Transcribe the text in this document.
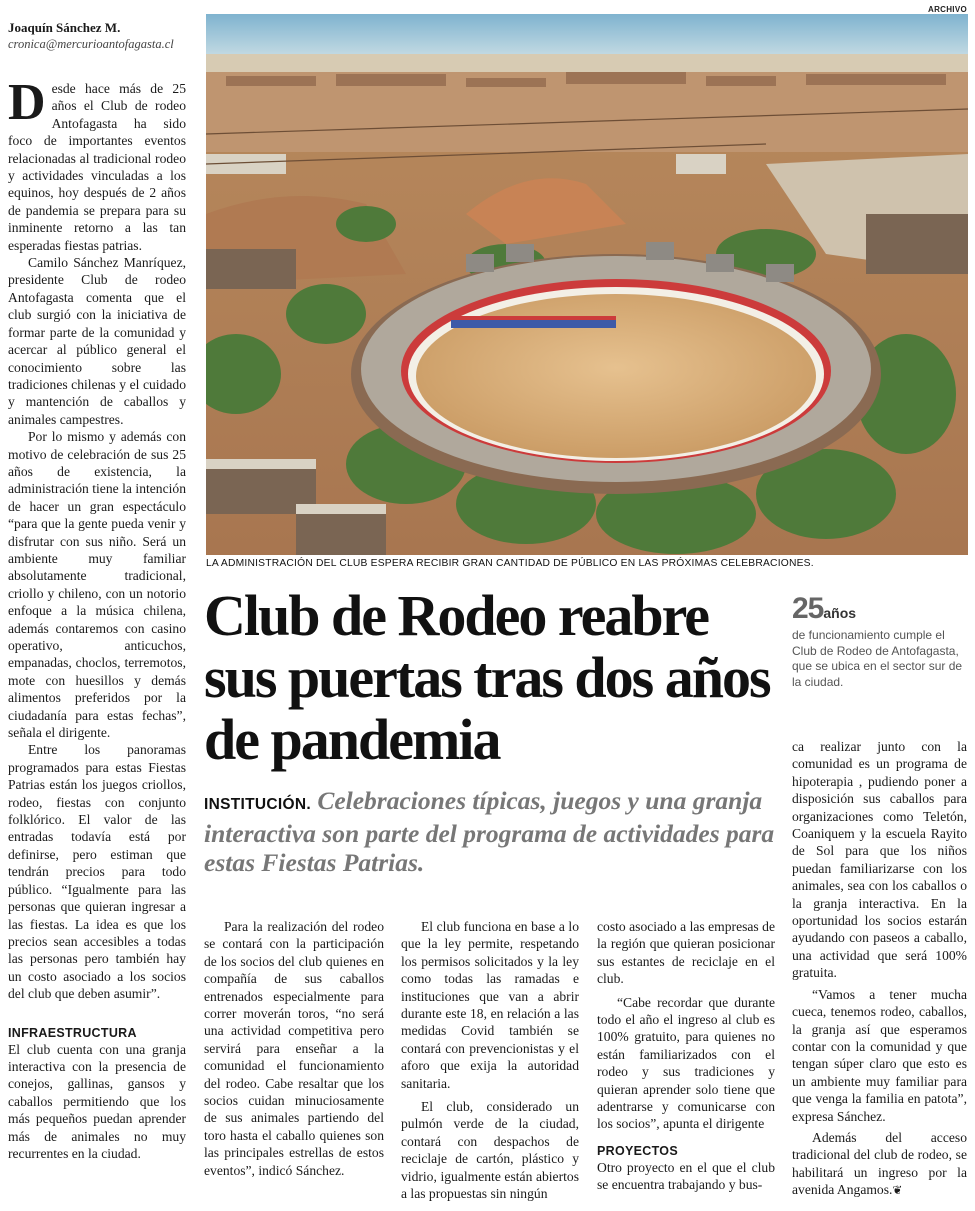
Joaquín Sánchez M.
cronica@mercurioantofagasta.cl

Desde hace más de 25 años el Club de rodeo Antofagasta ha sido foco de importantes eventos relacionadas al tradicional rodeo y actividades vinculadas a los equinos, hoy después de 2 años de pandemia se prepara para su inminente retorno a las tan esperadas fiestas patrias.

Camilo Sánchez Manríquez, presidente Club de rodeo Antofagasta comenta que el club surgió con la iniciativa de formar parte de la comunidad y acercar al público general el conocimiento sobre las tradiciones chilenas y el cuidado y mantención de caballos y animales campestres.

Por lo mismo y además con motivo de celebración de sus 25 años de existencia, la administración tiene la intención de hacer un gran espectáculo “para que la gente pueda venir y disfrutar con sus niño. Será un ambiente muy familiar absolutamente tradicional, criollo y chileno, con un notorio enfoque a la música chilena, además contaremos con casino operativo, anticuchos, empanadas, choclos, terremotos, mote con huesillos y demás alimentos preferidos por la ciudadanía para estas fechas”, señala el dirigente.

Entre los panoramas programados para estas Fiestas Patrias están los juegos criollos, rodeo, fiestas con conjunto folklórico. El valor de las entradas todavía está por definirse, pero estiman que tendrán precios para todo público. “Igualmente para las personas que quieran ingresar a las fiestas. La idea es que los precios sean accesibles a todas las personas pero también hay un costo asociado a los socios del club que deben asumir”.

INFRAESTRUCTURA

El club cuenta con una granja interactiva con la presencia de conejos, gallinas, gansos y caballos permitiendo que los más pequeños puedan aprender más de animales no muy recurrentes en la ciudad.

ARCHIVO
LA ADMINISTRACIÓN DEL CLUB ESPERA RECIBIR GRAN CANTIDAD DE PÚBLICO EN LAS PRÓXIMAS CELEBRACIONES.
Club de Rodeo reabre sus puertas tras dos años de pandemia
25años
de funcionamiento cumple el Club de Rodeo de Antofagasta, que se ubica en el sector sur de la ciudad.
INSTITUCIÓN. Celebraciones típicas, juegos y una granja interactiva son parte del programa de actividades para estas Fiestas Patrias.

Para la realización del rodeo se contará con la participación de los socios del club quienes en compañía de sus caballos entrenados especialmente para correr moverán toros, “no será una actividad competitiva pero servirá para enseñar a la comunidad el funcionamiento del rodeo. Cabe resaltar que los socios cuidan minuciosamente de sus animales partiendo del toro hasta el caballo quienes son las principales estrellas de estos eventos”, indicó Sánchez.

El club funciona en base a lo que la ley permite, respetando los permisos solicitados y la ley como todas las ramadas e instituciones que van a abrir durante este 18, en relación a las medidas Covid también se contará con prevencionistas y el aforo que exija la autoridad sanitaria.

El club, considerado un pulmón verde de la ciudad, contará con despachos de reciclaje de cartón, plástico y vidrio, igualmente están abiertos a las propuestas sin ningún

costo asociado a las empresas de la región que quieran posicionar sus estantes de reciclaje en el club.

“Cabe recordar que durante todo el año el ingreso al club es 100% gratuito, para quienes no están familiarizados con el rodeo y sus tradiciones y quieran aprender solo tiene que adentrarse y comunicarse con los socios”, apunta el dirigente

PROYECTOS

Otro proyecto en el que el club se encuentra trabajando y bus-

ca realizar junto con la comunidad es un programa de hipoterapia , pudiendo poner a disposición sus caballos para organizaciones como Teletón, Coaniquem y la escuela Rayito de Sol para que los niños puedan familiarizarse con los animales, sea con los caballos o la granja interactiva. En la oportunidad los socios estarán ayudando con paseos a caballo, una actividad que será 100% gratuita.

“Vamos a tener mucha cueca, tenemos rodeo, caballos, la granja así que esperamos contar con la comunidad y que tengan súper claro que esto es un ambiente muy familiar para que venga la familia en patota”, expresa Sánchez.

Además del acceso tradicional del club de rodeo, se habilitará un ingreso por la avenida Angamos.❦
